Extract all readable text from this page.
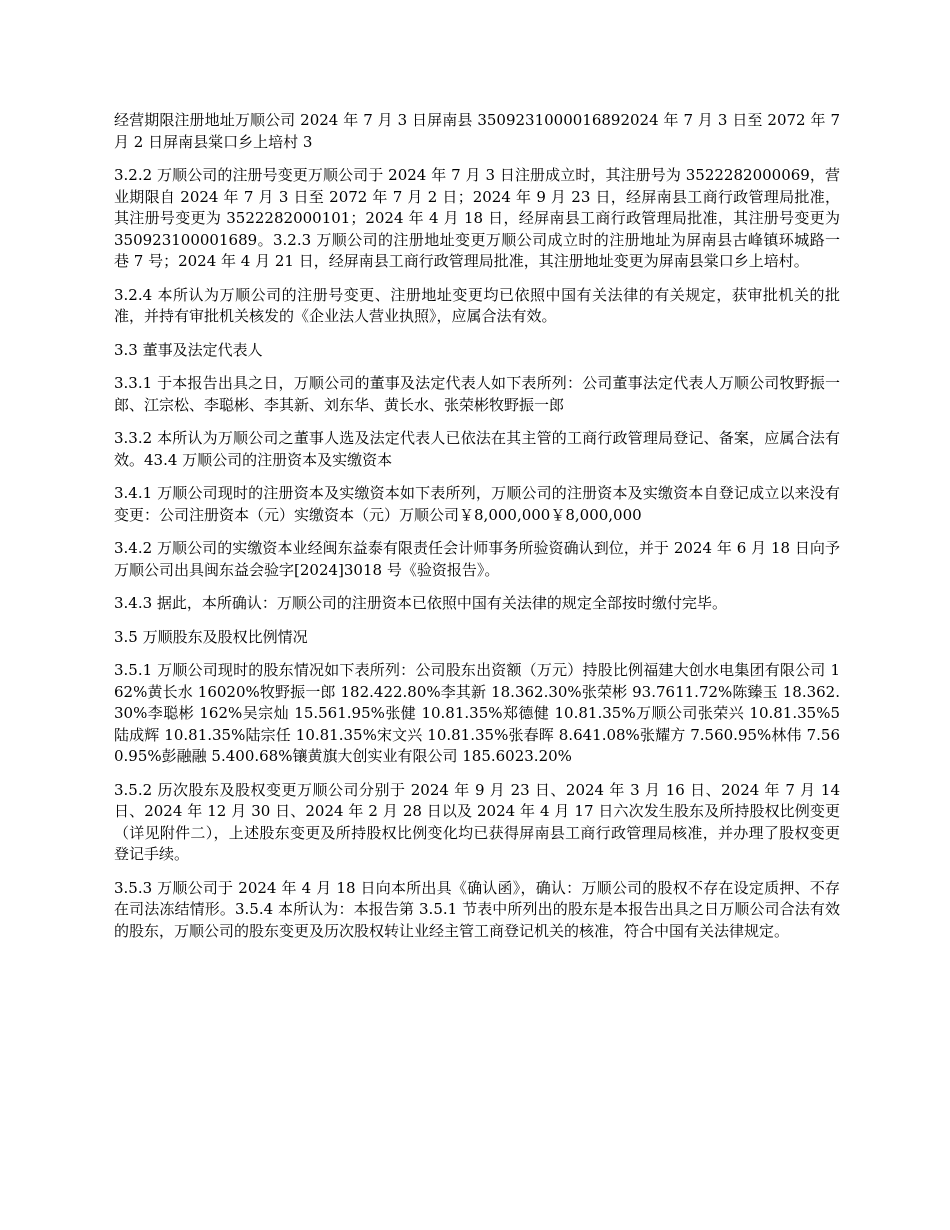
经营期限注册地址万顺公司 2024 年 7 月 3 日屏南县 3509231000016892024 年 7 月 3 日至 2072 年 7 月 2 日屏南县棠口乡上培村 3

3.2.2 万顺公司的注册号变更万顺公司于 2024 年 7 月 3 日注册成立时，其注册号为 3522282000069，营业期限自 2024 年 7 月 3 日至 2072 年 7 月 2 日；2024 年 9 月 23 日，经屏南县工商行政管理局批准，其注册号变更为 3522282000101；2024 年 4 月 18 日，经屏南县工商行政管理局批准，其注册号变更为 350923100001689。3.2.3 万顺公司的注册地址变更万顺公司成立时的注册地址为屏南县古峰镇环城路一巷 7 号；2024 年 4 月 21 日，经屏南县工商行政管理局批准，其注册地址变更为屏南县棠口乡上培村。

3.2.4 本所认为万顺公司的注册号变更、注册地址变更均已依照中国有关法律的有关规定，获审批机关的批准，并持有审批机关核发的《企业法人营业执照》，应属合法有效。

3.3 董事及法定代表人

3.3.1 于本报告出具之日，万顺公司的董事及法定代表人如下表所列：公司董事法定代表人万顺公司牧野振一郎、江宗松、李聪彬、李其新、刘东华、黄长水、张荣彬牧野振一郎

3.3.2 本所认为万顺公司之董事人选及法定代表人已依法在其主管的工商行政管理局登记、备案，应属合法有效。43.4 万顺公司的注册资本及实缴资本

3.4.1 万顺公司现时的注册资本及实缴资本如下表所列，万顺公司的注册资本及实缴资本自登记成立以来没有变更：公司注册资本（元）实缴资本（元）万顺公司￥8,000,000￥8,000,000

3.4.2 万顺公司的实缴资本业经闽东益泰有限责任会计师事务所验资确认到位，并于 2024 年 6 月 18 日向予万顺公司出具闽东益会验字[2024]3018 号《验资报告》。

3.4.3 据此，本所确认：万顺公司的注册资本已依照中国有关法律的规定全部按时缴付完毕。

3.5 万顺股东及股权比例情况

3.5.1 万顺公司现时的股东情况如下表所列：公司股东出资额（万元）持股比例福建大创水电集团有限公司 162%黄长水 16020%牧野振一郎 182.422.80%李其新 18.362.30%张荣彬 93.7611.72%陈臻玉 18.362.30%李聪彬 162%吴宗灿 15.561.95%张健 10.81.35%郑德健 10.81.35%万顺公司张荣兴 10.81.35%5 陆成辉 10.81.35%陆宗任 10.81.35%宋文兴 10.81.35%张春晖 8.641.08%张耀方 7.560.95%林伟 7.560.95%彭融融 5.400.68%镶黄旗大创实业有限公司 185.6023.20%

3.5.2 历次股东及股权变更万顺公司分别于 2024 年 9 月 23 日、2024 年 3 月 16 日、2024 年 7 月 14 日、2024 年 12 月 30 日、2024 年 2 月 28 日以及 2024 年 4 月 17 日六次发生股东及所持股权比例变更（详见附件二），上述股东变更及所持股权比例变化均已获得屏南县工商行政管理局核准，并办理了股权变更登记手续。

3.5.3 万顺公司于 2024 年 4 月 18 日向本所出具《确认函》，确认：万顺公司的股权不存在设定质押、不存在司法冻结情形。3.5.4 本所认为：本报告第 3.5.1 节表中所列出的股东是本报告出具之日万顺公司合法有效的股东，万顺公司的股东变更及历次股权转让业经主管工商登记机关的核准，符合中国有关法律规定。
